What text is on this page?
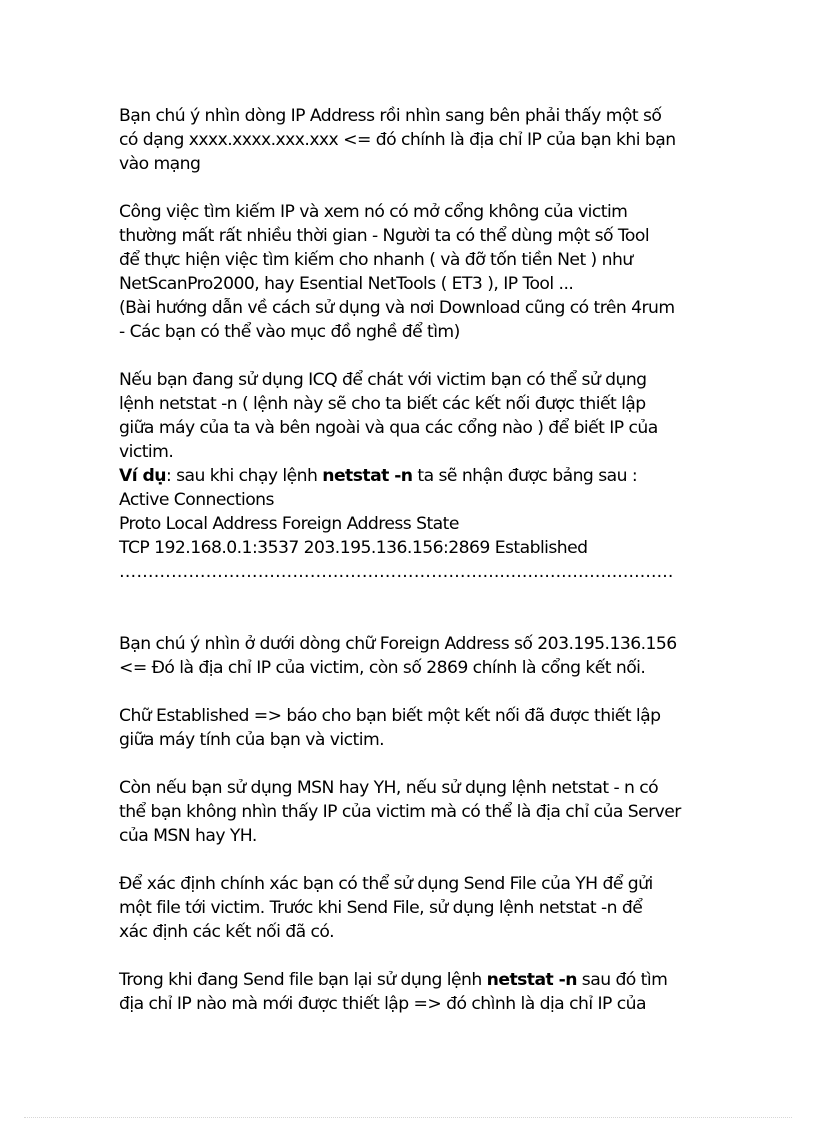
Bạn chú ý nhìn dòng IP Address rồi nhìn sang bên phải thấy một số
có dạng xxxx.xxxx.xxx.xxx <= đó chính là địa chỉ IP của bạn khi bạn
vào mạng
Công việc tìm kiếm IP và xem nó có mở cổng không của victim
thường mất rất nhiều thời gian - Người ta có thể dùng một số Tool
để thực hiện việc tìm kiếm cho nhanh ( và đỡ tốn tiền Net ) như
NetScanPro2000, hay Esential NetTools ( ET3 ), IP Tool ...
(Bài hướng dẫn về cách sử dụng và nơi Download cũng có trên 4rum
- Các bạn có thể vào mục đồ nghề để tìm)
Nếu bạn đang sử dụng ICQ để chát với victim bạn có thể sử dụng
lệnh netstat -n ( lệnh này sẽ cho ta biết các kết nối được thiết lập
giữa máy của ta và bên ngoài và qua các cổng nào ) để biết IP của
victim.
Ví dụ: sau khi chạy lệnh netstat -n ta sẽ nhận được bảng sau :
Active Connections
Proto Local Address Foreign Address State
TCP 192.168.0.1:3537 203.195.136.156:2869 Established
…………………………………………………….....................................
Bạn chú ý nhìn ở dưới dòng chữ Foreign Address số 203.195.136.156
<= Đó là địa chỉ IP của victim, còn số 2869 chính là cổng kết nối.
Chữ Established => báo cho bạn biết một kết nối đã được thiết lập
giữa máy tính của bạn và victim.
Còn nếu bạn sử dụng MSN hay YH, nếu sử dụng lệnh netstat - n có
thể bạn không nhìn thấy IP của victim mà có thể là địa chỉ của Server
của MSN hay YH.
Để xác định chính xác bạn có thể sử dụng Send File của YH để gửi
một file tới victim. Trước khi Send File, sử dụng lệnh netstat -n để
xác định các kết nối đã có.
Trong khi đang Send file bạn lại sử dụng lệnh netstat -n sau đó tìm
địa chỉ IP nào mà mới được thiết lập => đó chình là dịa chỉ IP của
